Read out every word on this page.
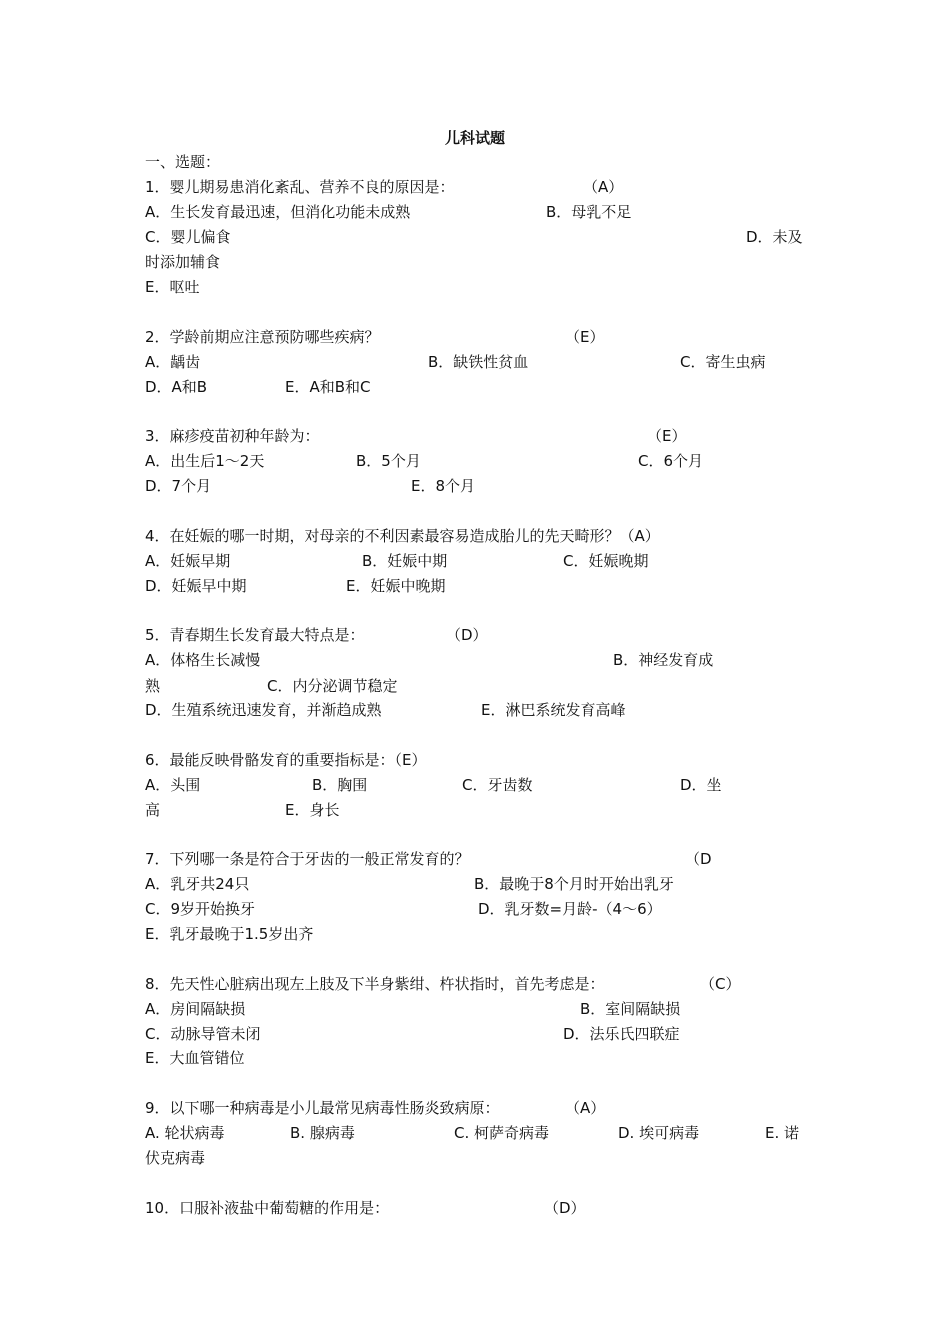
儿科试题
一、选题：
1．婴儿期易患消化紊乱、营养不良的原因是：	（A）
A．生长发育最迅速，但消化功能未成熟	B．母乳不足
C．婴儿偏食	D．未及
时添加辅食
E．呕吐
2．学龄前期应注意预防哪些疾病？	（E）
A．龋齿	B．缺铁性贫血	C．寄生虫病
D．A和B	E．A和B和C
3．麻疹疫苗初种年龄为：	（E）
A．出生后1～2天	B．5个月	C．6个月
D．7个月	E．8个月
4．在妊娠的哪一时期，对母亲的不利因素最容易造成胎儿的先天畸形？（A）
A．妊娠早期	B．妊娠中期	C．妊娠晚期
D．妊娠早中期	E．妊娠中晚期
5．青春期生长发育最大特点是：	（D）
A．体格生长减慢	B．神经发育成
熟	C．内分泌调节稳定
D．生殖系统迅速发育，并渐趋成熟	E．淋巴系统发育高峰
6．最能反映骨骼发育的重要指标是：（E）
A．头围	B．胸围	C．牙齿数	D．坐
高	E．身长
7．下列哪一条是符合于牙齿的一般正常发育的？	（D
A．乳牙共24只	B．最晚于8个月时开始出乳牙
C．9岁开始换牙	D．乳牙数=月龄-（4～6）
E．乳牙最晚于1.5岁出齐
8．先天性心脏病出现左上肢及下半身紫绀、杵状指时，首先考虑是：	（C）
A．房间隔缺损	B．室间隔缺损
C．动脉导管未闭	D．法乐氏四联症
E．大血管错位
9．以下哪一种病毒是小儿最常见病毒性肠炎致病原：	（A）
A. 轮状病毒	B. 腺病毒	C. 柯萨奇病毒	D. 埃可病毒	E. 诺
伏克病毒
10．口服补液盐中葡萄糖的作用是：	（D）
